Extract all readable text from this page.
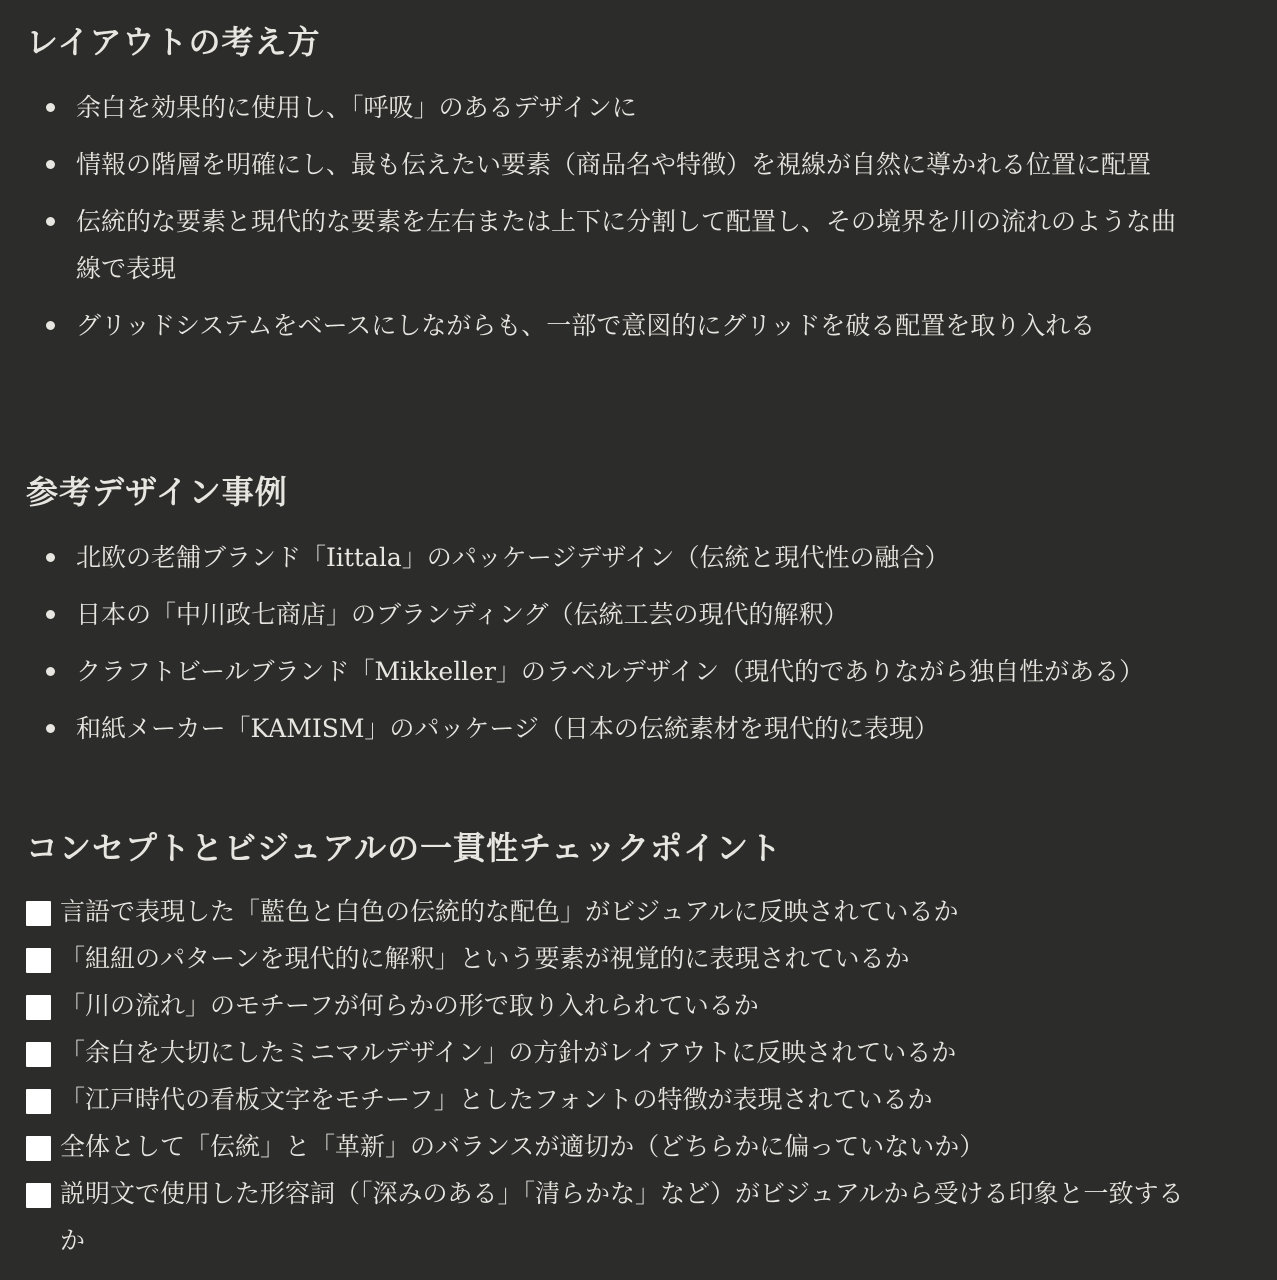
レイアウトの考え方
余白を効果的に使用し、「呼吸」のあるデザインに
情報の階層を明確にし、最も伝えたい要素（商品名や特徴）を視線が自然に導かれる位置に配置
伝統的な要素と現代的な要素を左右または上下に分割して配置し、その境界を川の流れのような曲線で表現
グリッドシステムをベースにしながらも、一部で意図的にグリッドを破る配置を取り入れる
参考デザイン事例
北欧の老舗ブランド「Iittala」のパッケージデザイン（伝統と現代性の融合）
日本の「中川政七商店」のブランディング（伝統工芸の現代的解釈）
クラフトビールブランド「Mikkeller」のラベルデザイン（現代的でありながら独自性がある）
和紙メーカー「KAMISM」のパッケージ（日本の伝統素材を現代的に表現）
コンセプトとビジュアルの一貫性チェックポイント
言語で表現した「藍色と白色の伝統的な配色」がビジュアルに反映されているか
「組紐のパターンを現代的に解釈」という要素が視覚的に表現されているか
「川の流れ」のモチーフが何らかの形で取り入れられているか
「余白を大切にしたミニマルデザイン」の方針がレイアウトに反映されているか
「江戸時代の看板文字をモチーフ」としたフォントの特徴が表現されているか
全体として「伝統」と「革新」のバランスが適切か（どちらかに偏っていないか）
説明文で使用した形容詞（「深みのある」「清らかな」など）がビジュアルから受ける印象と一致するか
